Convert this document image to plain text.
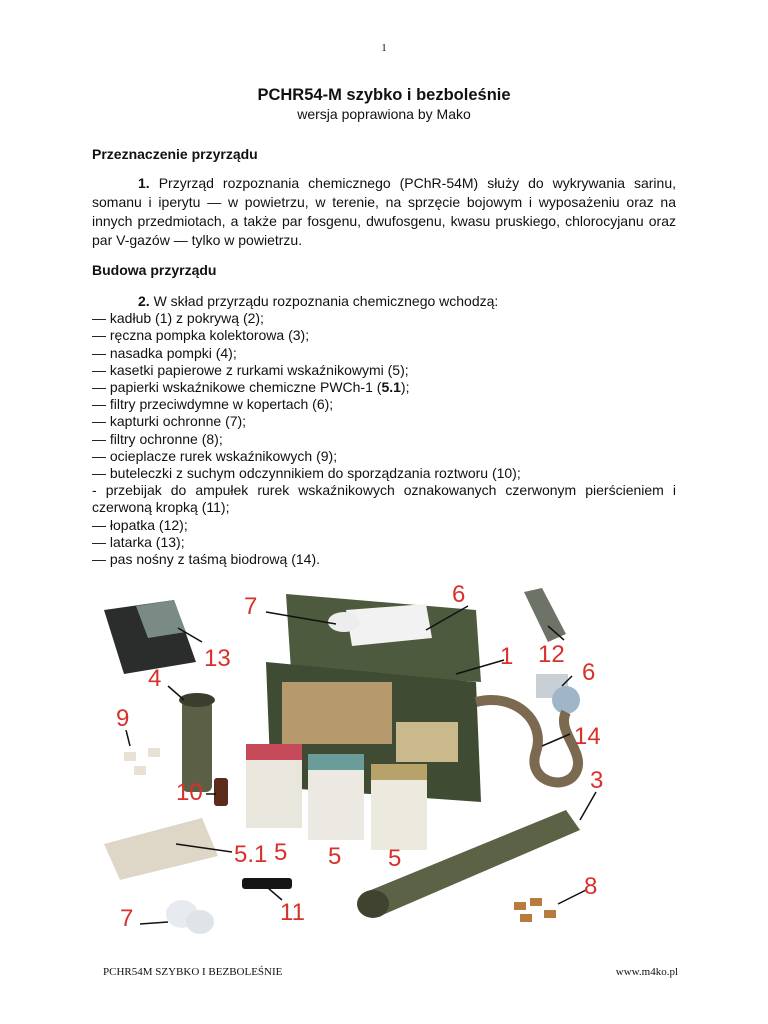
1
PCHR54-M szybko i bezboleśnie
wersja poprawiona by Mako
Przeznaczenie przyrządu
1. Przyrząd rozpoznania chemicznego (PChR-54M) służy do wykrywania sarinu, somanu i iperytu — w powietrzu, w terenie, na sprzęcie bojowym i wyposażeniu oraz na innych przedmiotach, a także par fosgenu, dwufosgenu, kwasu pruskiego, chlorocyjanu oraz par V-gazów — tylko w powietrzu.
Budowa przyrządu
2. W skład przyrządu rozpoznania chemicznego wchodzą:
— kadłub (1) z pokrywą (2);
— ręczna pompka kolektorowa (3);
— nasadka pompki (4);
— kasetki papierowe z rurkami wskaźnikowymi (5);
— papierki wskaźnikowe chemiczne PWCh-1 (5.1);
— filtry przeciwdymne w kopertach (6);
— kapturki ochronne (7);
— filtry ochronne (8);
— ocieplacze rurek wskaźnikowych (9);
— buteleczki z suchym odczynnikiem do sporządzania roztworu (10);
- przebijak do ampułek rurek wskaźnikowych oznakowanych czerwonym pierścieniem i czerwoną kropką (11);
— łopatka (12);
— latarka (13);
— pas nośny z taśmą biodrową (14).
7	6
13	1 12
4	6
9
14
10	3
5.1 5 5 5
8
7	11
PCHR54M SZYBKO I BEZBOLEŚNIE	www.m4ko.pl
